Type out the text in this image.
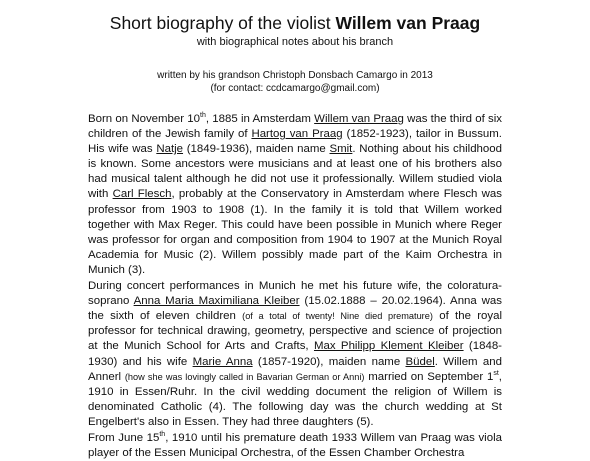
Short biography of the violist Willem van Praag
with biographical notes about his branch
written by his grandson Christoph Donsbach Camargo in 2013
(for contact: ccdcamargo@gmail.com)

Born on November 10th, 1885 in Amsterdam Willem van Praag was the third of six children of the Jewish family of Hartog van Praag (1852-1923), tailor in Bussum. His wife was Natje (1849-1936), maiden name Smit. Nothing about his childhood is known. Some ancestors were musicians and at least one of his brothers also had musical talent although he did not use it professionally. Willem studied viola with Carl Flesch, probably at the Conservatory in Amsterdam where Flesch was professor from 1903 to 1908 (1). In the family it is told that Willem worked together with Max Reger. This could have been possible in Munich where Reger was professor for organ and composition from 1904 to 1907 at the Munich Royal Academia for Music (2). Willem possibly made part of the Kaim Orchestra in Munich (3).

During concert performances in Munich he met his future wife, the coloratura-soprano Anna Maria Maximiliana Kleiber (15.02.1888 – 20.02.1964). Anna was the sixth of eleven children (of a total of twenty! Nine died premature) of the royal professor for technical drawing, geometry, perspective and science of projection at the Munich School for Arts and Crafts, Max Philipp Klement Kleiber (1848-1930) and his wife Marie Anna (1857-1920), maiden name Büdel. Willem and Annerl (how she was lovingly called in Bavarian German or Anni) married on September 1st, 1910 in Essen/Ruhr. In the civil wedding document the religion of Willem is denominated Catholic (4). The following day was the church wedding at St Engelbert's also in Essen. They had three daughters (5).

From June 15th, 1910 until his premature death 1933 Willem van Praag was viola player of the Essen Municipal Orchestra, of the Essen Chamber Orchestra
